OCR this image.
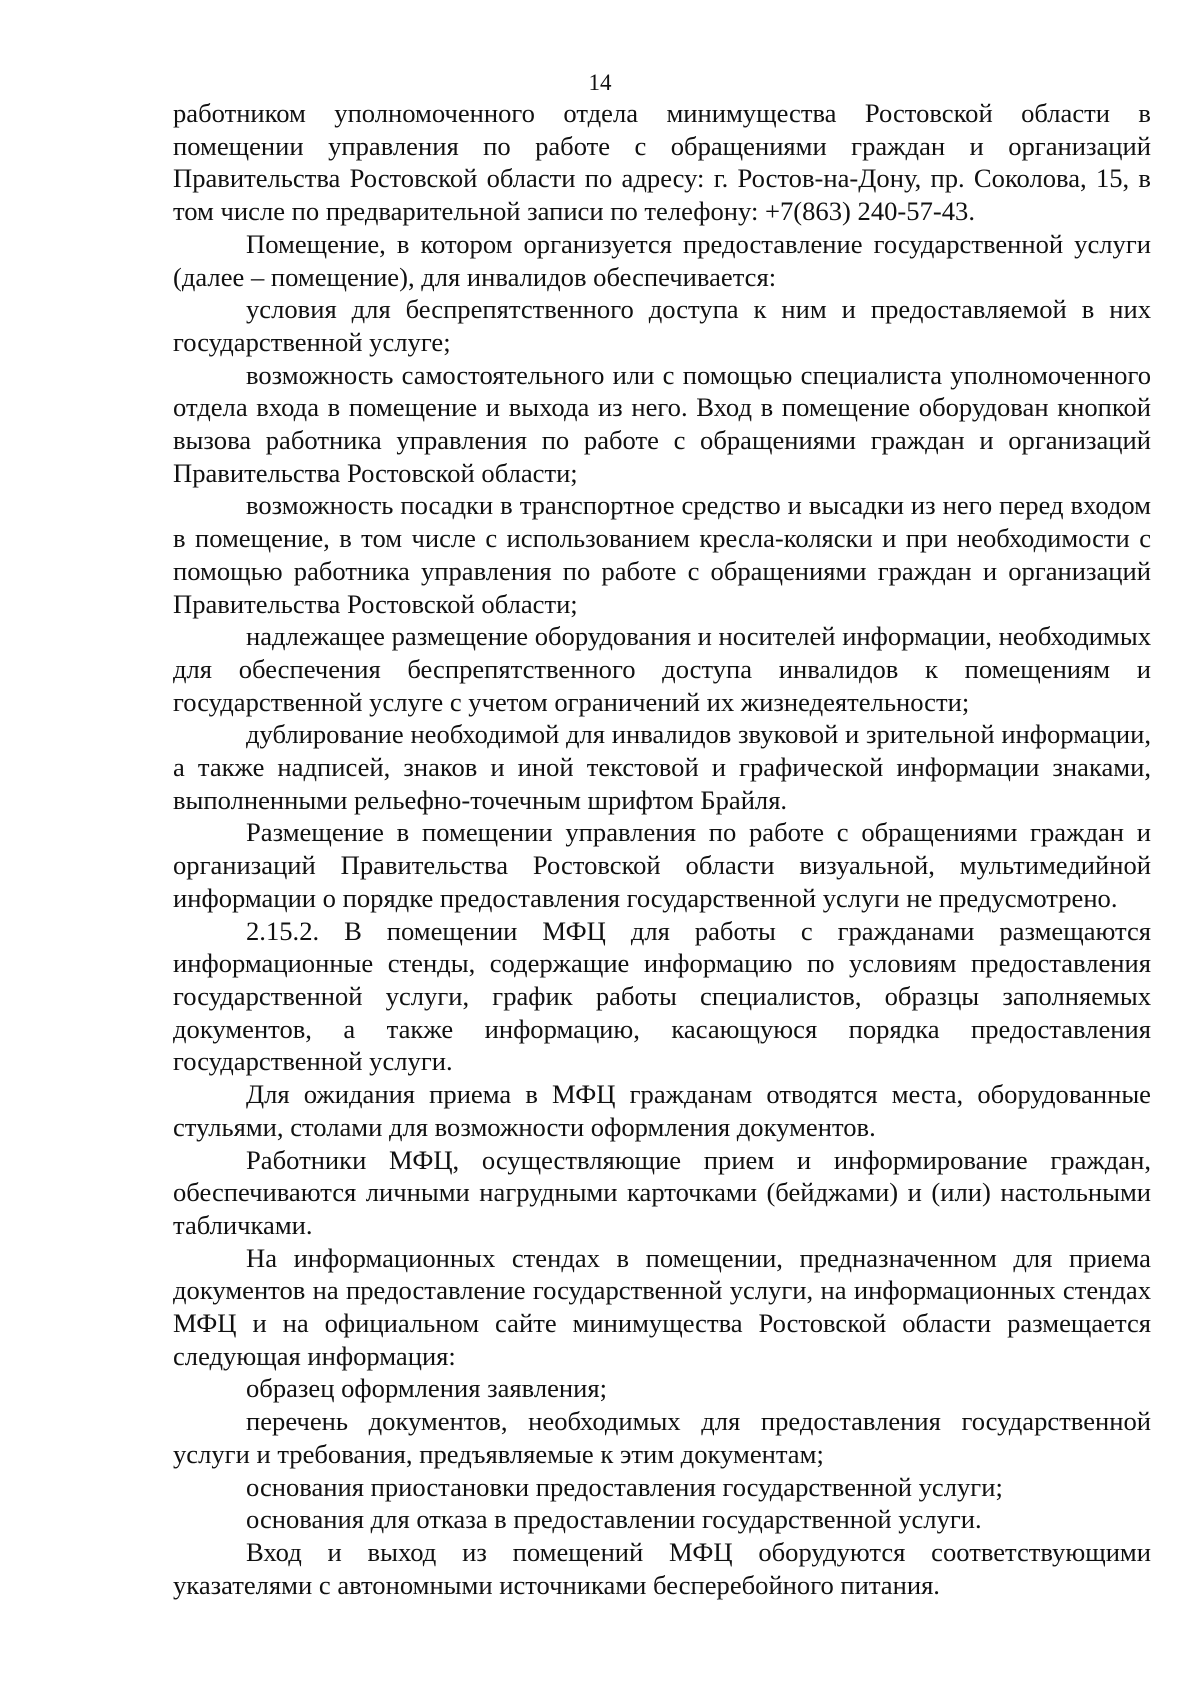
14

работником уполномоченного отдела минимущества Ростовской области в помещении управления по работе с обращениями граждан и организаций Правительства Ростовской области по адресу: г. Ростов-на-Дону, пр. Соколова, 15, в том числе по предварительной записи по телефону: +7(863) 240-57-43.

Помещение, в котором организуется предоставление государственной услуги (далее – помещение), для инвалидов обеспечивается:

условия для беспрепятственного доступа к ним и предоставляемой в них государственной услуге;

возможность самостоятельного или с помощью специалиста уполномоченного отдела входа в помещение и выхода из него. Вход в помещение оборудован кнопкой вызова работника управления по работе с обращениями граждан и организаций Правительства Ростовской области;

возможность посадки в транспортное средство и высадки из него перед входом в помещение, в том числе с использованием кресла-коляски и при необходимости с помощью работника управления по работе с обращениями граждан и организаций Правительства Ростовской области;

надлежащее размещение оборудования и носителей информации, необходимых для обеспечения беспрепятственного доступа инвалидов к помещениям и государственной услуге с учетом ограничений их жизнедеятельности;

дублирование необходимой для инвалидов звуковой и зрительной информации, а также надписей, знаков и иной текстовой и графической информации знаками, выполненными рельефно-точечным шрифтом Брайля.

Размещение в помещении управления по работе с обращениями граждан и организаций Правительства Ростовской области визуальной, мультимедийной информации о порядке предоставления государственной услуги не предусмотрено.

2.15.2. В помещении МФЦ для работы с гражданами размещаются информационные стенды, содержащие информацию по условиям предоставления государственной услуги, график работы специалистов, образцы заполняемых документов, а также информацию, касающуюся порядка предоставления государственной услуги.

Для ожидания приема в МФЦ гражданам отводятся места, оборудованные стульями, столами для возможности оформления документов.

Работники МФЦ, осуществляющие прием и информирование граждан, обеспечиваются личными нагрудными карточками (бейджами) и (или) настольными табличками.

На информационных стендах в помещении, предназначенном для приема документов на предоставление государственной услуги, на информационных стендах МФЦ и на официальном сайте минимущества Ростовской области размещается следующая информация:

образец оформления заявления;

перечень документов, необходимых для предоставления государственной услуги и требования, предъявляемые к этим документам;

основания приостановки предоставления государственной услуги;

основания для отказа в предоставлении государственной услуги.

Вход и выход из помещений МФЦ оборудуются соответствующими указателями с автономными источниками бесперебойного питания.
